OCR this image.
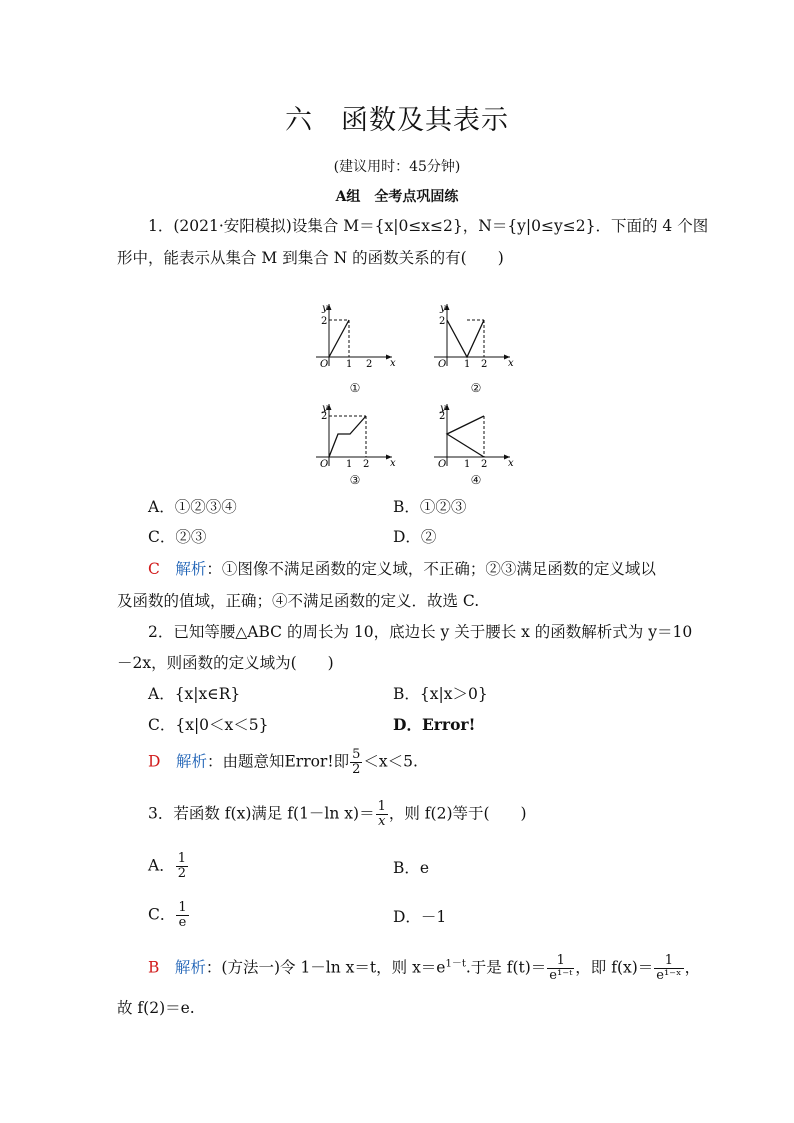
六　函数及其表示
(建议用时：45分钟)
A组　全考点巩固练
1．(2021·安阳模拟)设集合 M＝{x|0≤x≤2}，N＝{y|0≤y≤2}．下面的 4 个图
形中，能表示从集合 M 到集合 N 的函数关系的有(　　)
y
x
O
2
1 2
①
y
x
O
2
1 2
②
y
x
O
2
1 2
③
y
x
O
2
1 2
④
A．①②③④	B．①②③
C．②③	D．②
C　 解析：①图像不满足函数的定义域，不正确；②③满足函数的定义域以
及函数的值域，正确；④不满足函数的定义．故选 C.
2．已知等腰△ABC 的周长为 10，底边长 y 关于腰长 x 的函数解析式为 y＝10
－2x，则函数的定义域为(　　)
A．{x|x∈R}	B．{x|x＞0}
C．{x|0＜x＜5}	D．Error!
D　 解析：由题意知Error!即 $\frac{5}{2} <x<5$.
3．若函数 f(x)满足 f(1－ln $x)= \frac{1}{x}$ ，则 f(2)等于(　　)
A． $\frac{1}{2}$	B．e
C． $\frac{1}{e}$	D．－1
B　 解析：(方法一)令 1－ln x＝t，则 $x=e^{1-t}$.于是 $f(t)= \frac{1}{\text{e¹⁻ᵗ}}$ ，即 $f(x)= \frac{1}{\text{e¹⁻ˣ}}$ ，
故 f(2)＝e.
